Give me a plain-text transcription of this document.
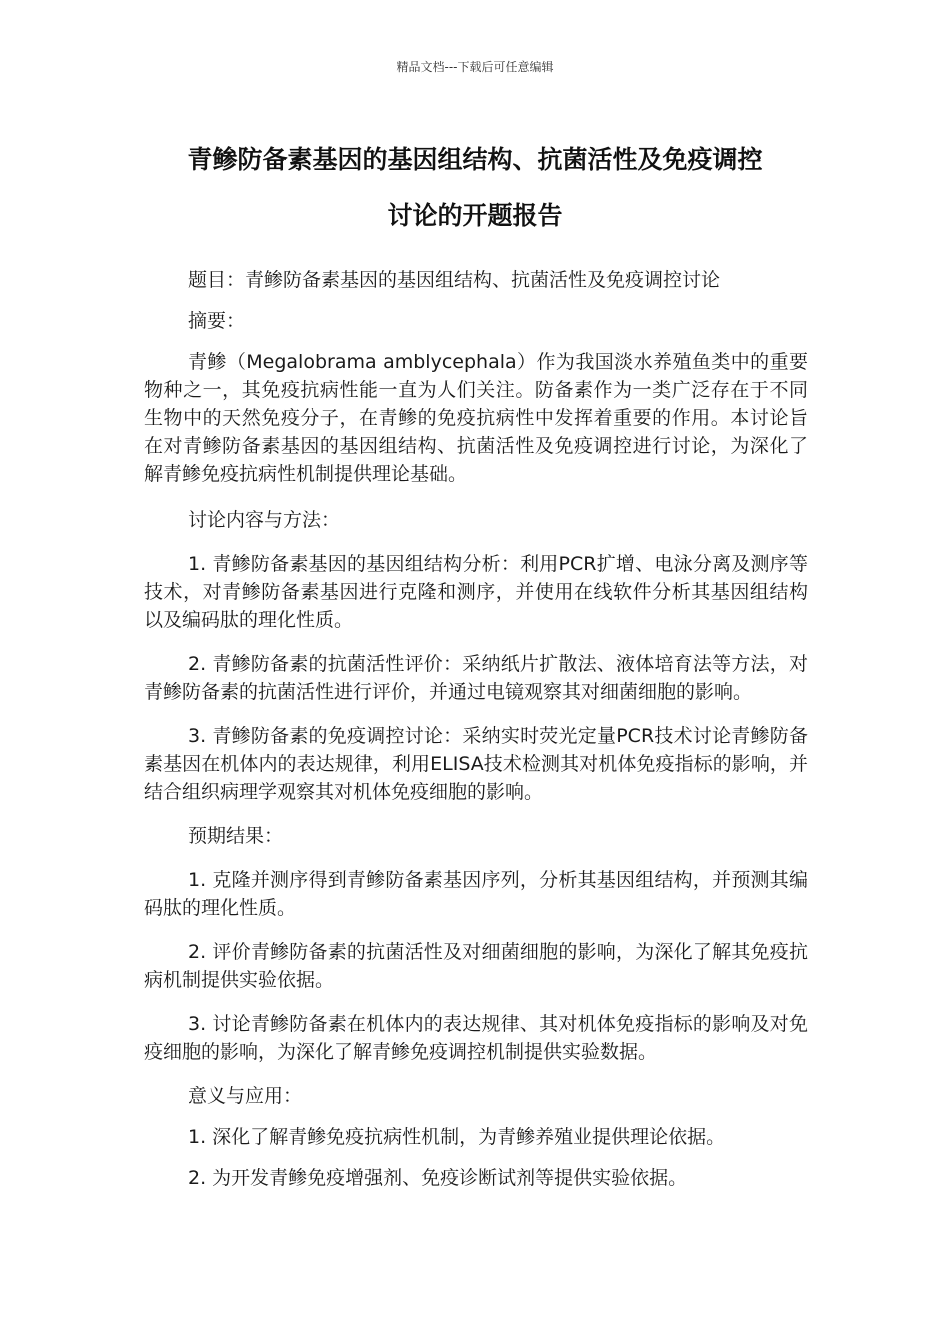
精品文档---下载后可任意编辑
青鲹防备素基因的基因组结构、抗菌活性及免疫调控
讨论的开题报告

题目：青鲹防备素基因的基因组结构、抗菌活性及免疫调控讨论

摘要：

青鲹（Megalobrama amblycephala）作为我国淡水养殖鱼类中的重要物种之一，其免疫抗病性能一直为人们关注。防备素作为一类广泛存在于不同生物中的天然免疫分子，在青鲹的免疫抗病性中发挥着重要的作用。本讨论旨在对青鲹防备素基因的基因组结构、抗菌活性及免疫调控进行讨论，为深化了解青鲹免疫抗病性机制提供理论基础。

讨论内容与方法：

1. 青鲹防备素基因的基因组结构分析：利用PCR扩增、电泳分离及测序等技术，对青鲹防备素基因进行克隆和测序，并使用在线软件分析其基因组结构以及编码肽的理化性质。

2. 青鲹防备素的抗菌活性评价：采纳纸片扩散法、液体培育法等方法，对青鲹防备素的抗菌活性进行评价，并通过电镜观察其对细菌细胞的影响。

3. 青鲹防备素的免疫调控讨论：采纳实时荧光定量PCR技术讨论青鲹防备素基因在机体内的表达规律，利用ELISA技术检测其对机体免疫指标的影响，并结合组织病理学观察其对机体免疫细胞的影响。

预期结果：

1. 克隆并测序得到青鲹防备素基因序列，分析其基因组结构，并预测其编码肽的理化性质。

2. 评价青鲹防备素的抗菌活性及对细菌细胞的影响，为深化了解其免疫抗病机制提供实验依据。

3. 讨论青鲹防备素在机体内的表达规律、其对机体免疫指标的影响及对免疫细胞的影响，为深化了解青鲹免疫调控机制提供实验数据。

意义与应用：

1. 深化了解青鲹免疫抗病性机制，为青鲹养殖业提供理论依据。

2. 为开发青鲹免疫增强剂、免疫诊断试剂等提供实验依据。
